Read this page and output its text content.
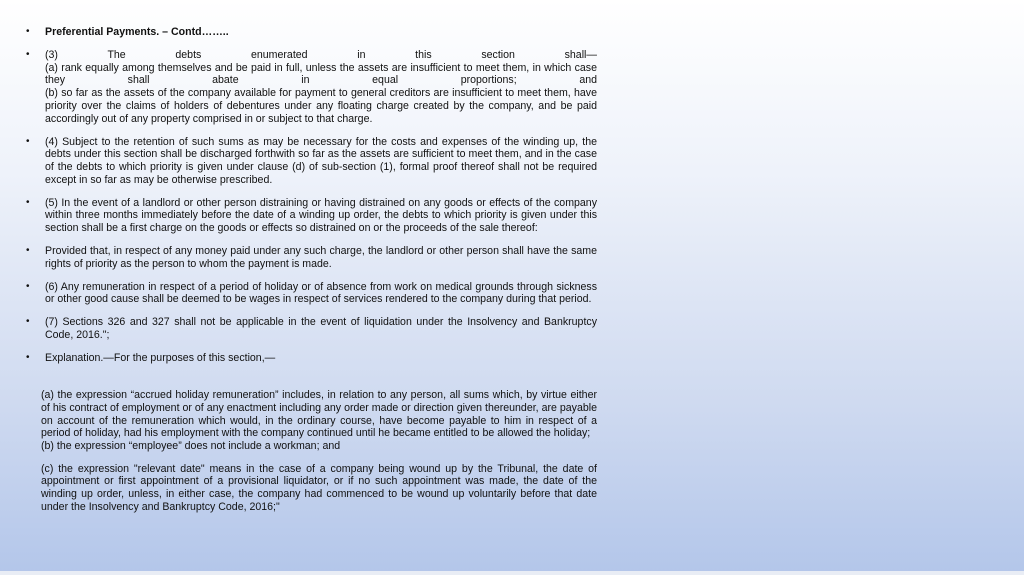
• Preferential Payments. – Contd……..

• (3) The debts enumerated in this section shall—

(a) rank equally among themselves and be paid in full, unless the assets are insufficient to meet them, in which case they shall abate in equal proportions; and

(b) so far as the assets of the company available for payment to general creditors are insufficient to meet them, have priority over the claims of holders of debentures under any floating charge created by the company, and be paid accordingly out of any property comprised in or subject to that charge.

• (4) Subject to the retention of such sums as may be necessary for the costs and expenses of the winding up, the debts under this section shall be discharged forthwith so far as the assets are sufficient to meet them, and in the case of the debts to which priority is given under clause (d) of sub-section (1), formal proof thereof shall not be required except in so far as may be otherwise prescribed.

• (5) In the event of a landlord or other person distraining or having distrained on any goods or effects of the company within three months immediately before the date of a winding up order, the debts to which priority is given under this section shall be a first charge on the goods or effects so distrained on or the proceeds of the sale thereof:

• Provided that, in respect of any money paid under any such charge, the landlord or other person shall have the same rights of priority as the person to whom the payment is made.

• (6) Any remuneration in respect of a period of holiday or of absence from work on medical grounds through sickness or other good cause shall be deemed to be wages in respect of services rendered to the company during that period.

• (7) Sections 326 and 327 shall not be applicable in the event of liquidation under the Insolvency and Bankruptcy Code, 2016.";

• Explanation.—For the purposes of this section,—

(a) the expression “accrued holiday remuneration” includes, in relation to any person, all sums which, by virtue either of his contract of employment or of any enactment including any order made or direction given thereunder, are payable on account of the remuneration which would, in the ordinary course, have become payable to him in respect of a period of holiday, had his employment with the company continued until he became entitled to be allowed the holiday;

(b) the expression “employee” does not include a workman; and

(c) the expression "relevant date" means in the case of a company being wound up by the Tribunal, the date of appointment or first appointment of a provisional liquidator, or if no such appointment was made, the date of the winding up order, unless, in either case, the company had commenced to be wound up voluntarily before that date under the Insolvency and Bankruptcy Code, 2016;"
